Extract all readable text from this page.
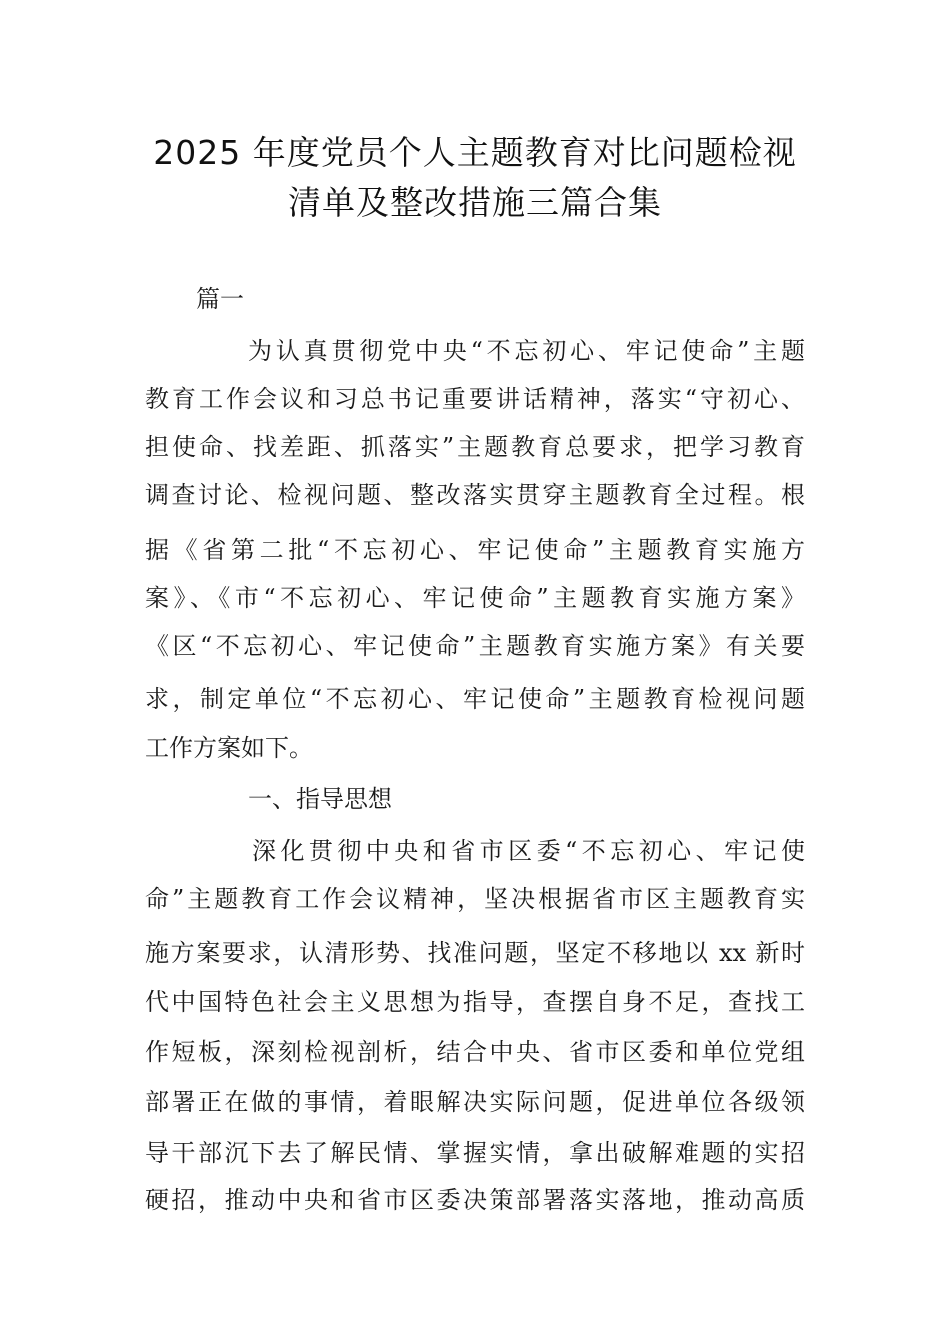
2025 年度党员个人主题教育对比问题检视
清单及整改措施三篇合集
篇一
为认真贯彻党中央“不忘初心、牢记使命”主题
教育工作会议和习总书记重要讲话精神，落实“守初心、
担使命、找差距、抓落实”主题教育总要求，把学习教育
调查讨论、检视问题、整改落实贯穿主题教育全过程。根
据《省第二批“不忘初心、牢记使命”主题教育实施方
案》、《市“不忘初心、牢记使命”主题教育实施方案》
《区“不忘初心、牢记使命”主题教育实施方案》有关要
求，制定单位“不忘初心、牢记使命”主题教育检视问题
工作方案如下。
一、指导思想
深化贯彻中央和省市区委“不忘初心、牢记使
命”主题教育工作会议精神，坚决根据省市区主题教育实
施方案要求，认清形势、找准问题，坚定不移地以 xx 新时
代中国特色社会主义思想为指导，查摆自身不足，查找工
作短板，深刻检视剖析，结合中央、省市区委和单位党组
部署正在做的事情，着眼解决实际问题，促进单位各级领
导干部沉下去了解民情、掌握实情，拿出破解难题的实招
硬招，推动中央和省市区委决策部署落实落地，推动高质
